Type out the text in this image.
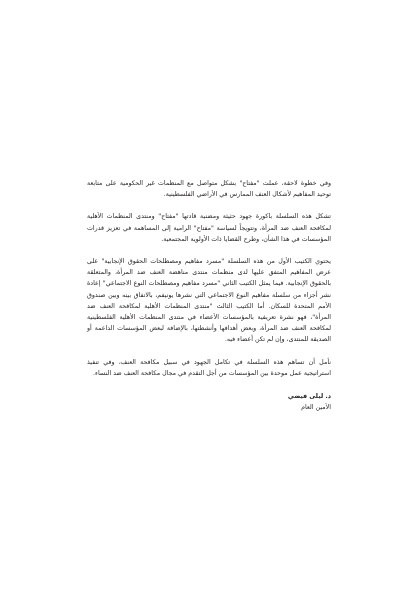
وفي خطوة لاحقة، عملت "مفتاح" بشكل متواصل مع المنظمات غير الحكومية على متابعة توحيد المفاهيم لأشكال العنف الممارس في الأراضي الفلسطينية.

تشكل هذه السلسلة باكورة جهود حثيثة ومضنية قادتها "مفتاح" ومنتدى المنظمات الأهلية لمكافحة العنف ضد المرأة، وتتويجاً لسياسة "مفتاح" الرامية إلى المساهمة في تعزيز قدرات المؤسسات في هذا الشأن، وطرح القضايا ذات الأولوية المجتمعية.

يحتوي الكتيب الأول من هذه السلسلة "مسرد مفاهيم ومصطلحات الحقوق الإنجابية" على عرض المفاهيم المتفق عليها لدى منظمات منتدى مناهضة العنف ضد المرأة، والمتعلقة بالحقوق الإنجابية. فيما يمثل الكتيب الثاني "مسرد مفاهيم ومصطلحات النوع الاجتماعي" إعادة نشر أجزاء من سلسلة مفاهيم النوع الاجتماعي التي نشرها يونيفم، بالاتفاق بينه وبين صندوق الأمم المتحدة للسكان. أما الكتيب الثالث "منتدى المنظمات الأهلية لمكافحة العنف ضد المرأة"، فهو نشرة تعريفية بالمؤسسات الأعضاء في منتدى المنظمات الأهلية الفلسطينية لمكافحة العنف ضد المرأة، وبعض أهدافها وأنشطتها، بالإضافة لبعض المؤسسات الداعمة أو الصديقة للمنتدى، وإن لم تكن أعضاء فيه.

نأمل أن تساهم هذه السلسلة في تكامل الجهود في سبيل مكافحة العنف، وفي تنفيذ استراتيجية عمل موحدة بين المؤسسات من أجل التقدم في مجال مكافحة العنف ضد النساء.

د. ليلى فيضي
الأمين العام
